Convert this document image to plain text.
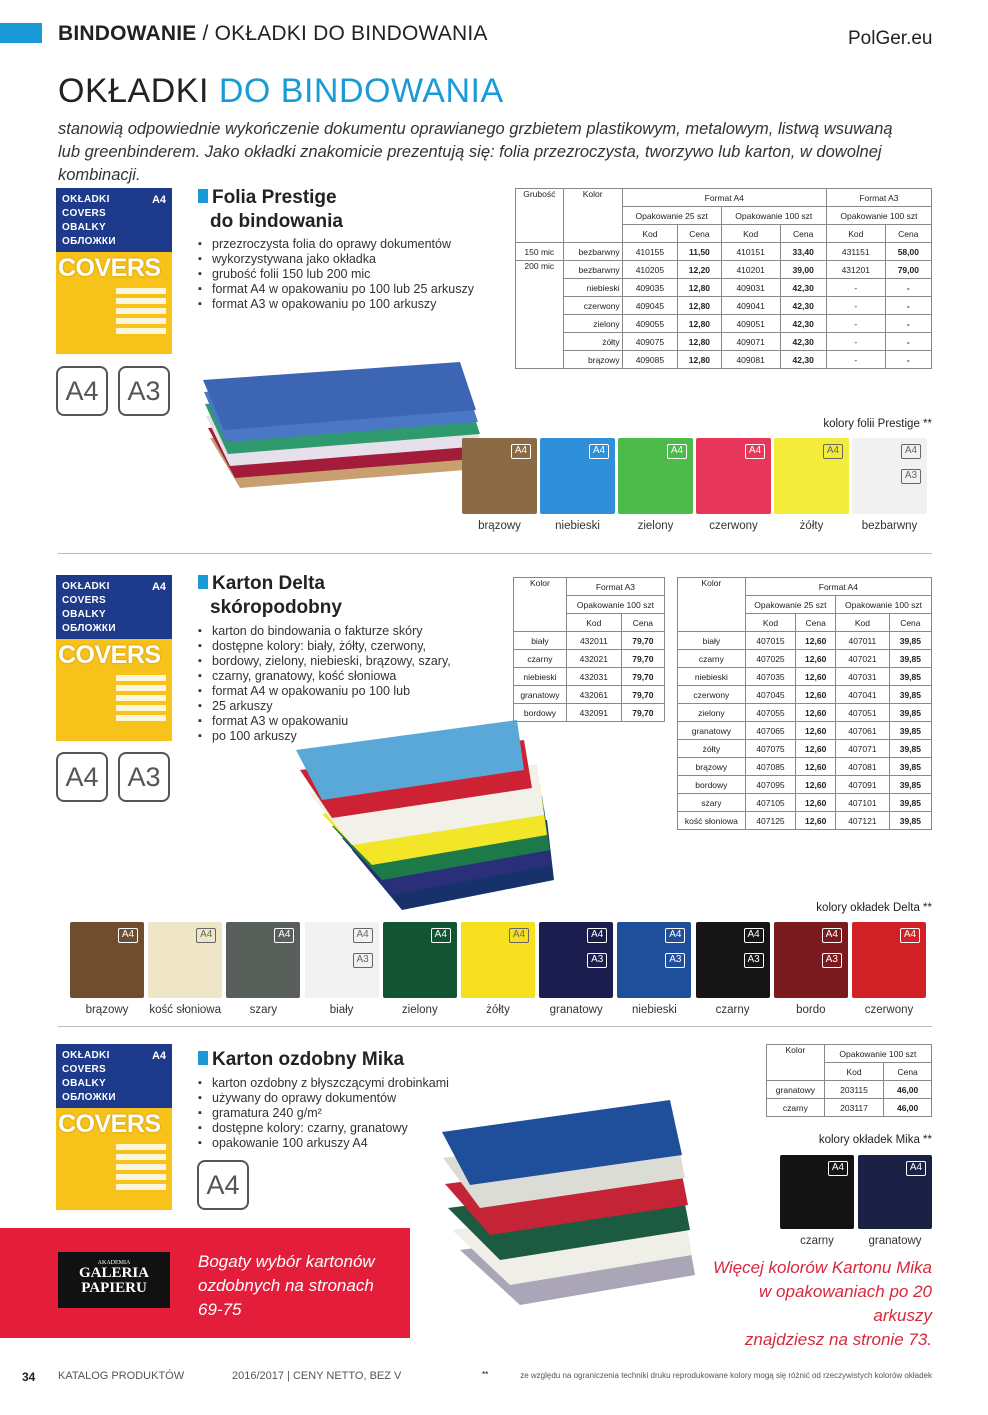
BINDOWANIE / OKŁADKI DO BINDOWANIA	PolGer.eu
OKŁADKI DO BINDOWANIA
stanowią odpowiednie wykończenie dokumentu oprawianego grzbietem plastikowym, metalowym, listwą wsuwaną lub greenbinderem. Jako okładki znakomicie prezentują się: folia przezroczysta, tworzywo lub karton, w dowolnej kombinacji.
OKŁADKI
COVERS
OBALKY
ОБЛОЖКИ
A4
COVERS
A4	A3
Folia Prestige
do bindowania
▪ przezroczysta folia do oprawy dokumentów
▪ wykorzystywana jako okładka
▪ grubość folii 150 lub 200 mic
▪ format A4 w opakowaniu po 100 lub 25 arkuszy
▪ format A3 w opakowaniu po 100 arkuszy
Grubość	Kolor	Format A4				Format A3	
		Opakowanie 25 szt		Opakowanie 100 szt		Opakowanie 100 szt	
		Kod	Cena	Kod	Cena	Kod	Cena
150 mic	bezbarwny	410155	11,50	410151	33,40	431151	58,00
200 mic	bezbarwny	410205	12,20	410201	39,00	431201	79,00
	niebieski	409035	12,80	409031	42,30	-	-
	czerwony	409045	12,80	409041	42,30	-	-
	zielony	409055	12,80	409051	42,30	-	-
	żółty	409075	12,80	409071	42,30	-	-
	brązowy	409085	12,80	409081	42,30	-	-
kolory folii Prestige **
OKŁADKI
COVERS
OBALKY
ОБЛОЖКИ
A4
COVERS
A4	A3
Karton Delta
skóropodobny
▪ karton do bindowania o fakturze skóry
▪ dostępne kolory: biały, żółty, czerwony,
▪ bordowy, zielony, niebieski, brązowy, szary,
▪ czarny, granatowy, kość słoniowa
▪ format A4 w opakowaniu po 100 lub
▪ 25 arkuszy
▪ format A3 w opakowaniu
▪ po 100 arkuszy
Kolor	Format A3	
	Opakowanie 100 szt	
	Kod	Cena
biały	432011	79,70
czarny	432021	79,70
niebieski	432031	79,70
granatowy	432061	79,70
bordowy	432091	79,70
Kolor	Format A4			
	Opakowanie 25 szt		Opakowanie 100 szt	
	Kod	Cena	Kod	Cena
biały	407015	12,60	407011	39,85
czarny	407025	12,60	407021	39,85
niebieski	407035	12,60	407031	39,85
czerwony	407045	12,60	407041	39,85
zielony	407055	12,60	407051	39,85
granatowy	407065	12,60	407061	39,85
żółty	407075	12,60	407071	39,85
brązowy	407085	12,60	407081	39,85
bordowy	407095	12,60	407091	39,85
szary	407105	12,60	407101	39,85
kość słoniowa	407125	12,60	407121	39,85
kolory okładek Delta **
OKŁADKI
COVERS
OBALKY
ОБЛОЖКИ
A4
COVERS
A4
Karton ozdobny Mika
▪ karton ozdobny z błyszczącymi drobinkami
▪ używany do oprawy dokumentów
▪ gramatura 240 g/m²
▪ dostępne kolory: czarny, granatowy
▪ opakowanie 100 arkuszy A4
Kolor	Opakowanie 100 szt	
	Kod	Cena
granatowy	203115	46,00
czarny	203117	46,00
kolory okładek Mika **
Więcej kolorów Kartonu Mika
w opakowaniach po 20 arkuszy
znajdziesz na stronie 73.
AKADEMIA
GALERIA
PAPIERU
Bogaty wybór kartonów
ozdobnych na stronach
69-75
34 KATALOG PRODUKTÓW	2016/2017 | CENY NETTO, BEZ V	**	ze względu na ograniczenia techniki druku reprodukowane kolory mogą się różnić od rzeczywistych kolorów okładek
A4
brązowy
A4
niebieski
A4
zielony
A4
czerwony
A4
żółty
A4
A3
bezbarwny
A4
brązowy
A4
kość słoniowa
A4
szary
A4
A3
biały
A4
zielony
A4
żółty
A4
A3
granatowy
A4
A3
niebieski
A4
A3
czarny
A4
A3
bordo
A4
czerwony
A4
czarny
A4
granatowy
